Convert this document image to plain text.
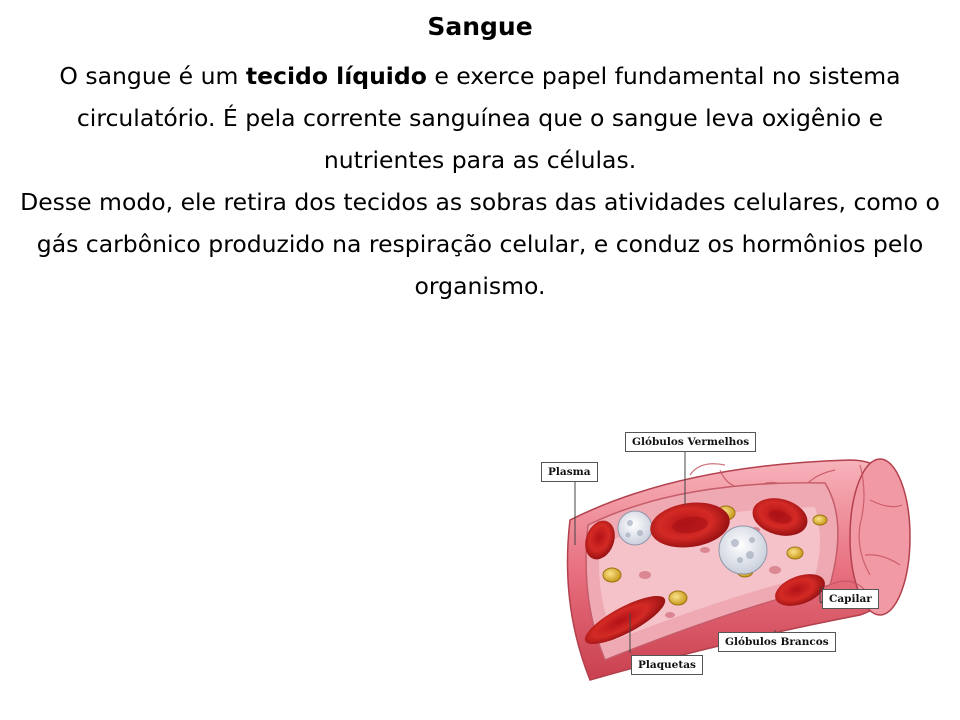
Sangue

O sangue é um tecido líquido e exerce papel fundamental no sistema circulatório. É pela corrente sanguínea que o sangue leva oxigênio e nutrientes para as células.

Desse modo, ele retira dos tecidos as sobras das atividades celulares, como o gás carbônico produzido na respiração celular, e conduz os hormônios pelo organismo.

Glóbulos Vermelhos
Plasma
Capilar
Glóbulos Brancos
Plaquetas
